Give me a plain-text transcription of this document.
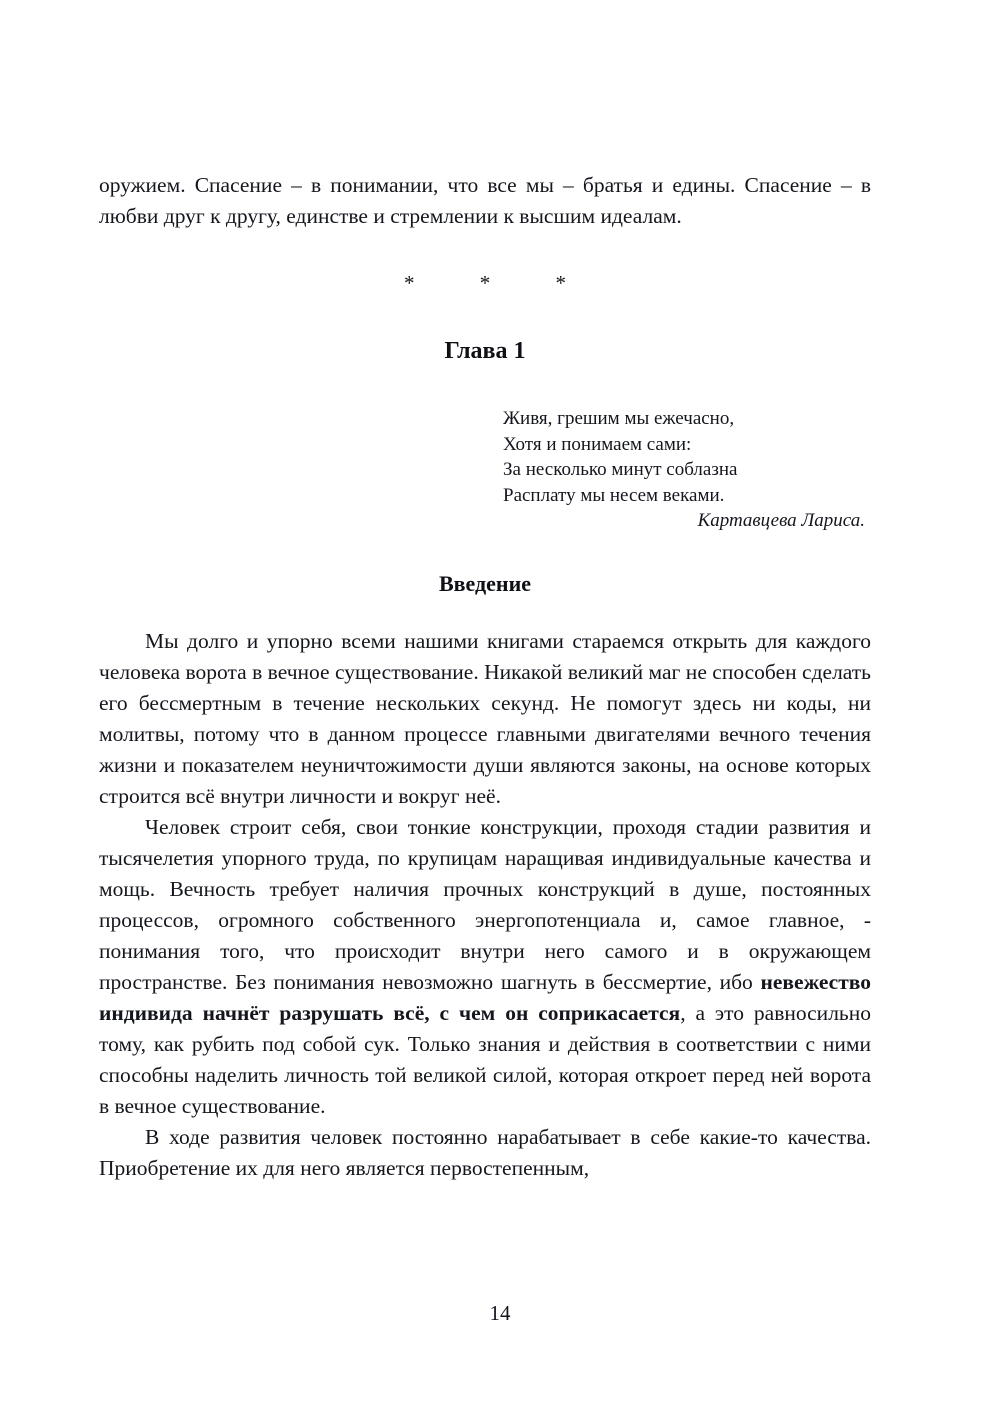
оружием. Спасение – в понимании, что все мы – братья и едины. Спасение – в любви друг к другу, единстве и стремлении к высшим идеалам.

* * *
Глава 1
Живя, грешим мы ежечасно,
Хотя и понимаем сами:
За несколько минут соблазна
Расплату мы несем веками.
Картавцева Лариса.
Введение

Мы долго и упорно всеми нашими книгами стараемся открыть для каждого человека ворота в вечное существование. Никакой великий маг не способен сделать его бессмертным в течение нескольких секунд. Не помогут здесь ни коды, ни молитвы, потому что в данном процессе главными двигателями вечного течения жизни и показателем неуничтожимости души являются законы, на основе которых строится всё внутри личности и вокруг неё.

Человек строит себя, свои тонкие конструкции, проходя стадии развития и тысячелетия упорного труда, по крупицам наращивая индивидуальные качества и мощь. Вечность требует наличия прочных конструкций в душе, постоянных процессов, огромного собственного энергопотенциала и, самое главное, - понимания того, что происходит внутри него самого и в окружающем пространстве. Без понимания невозможно шагнуть в бессмертие, ибо невежество индивида начнёт разрушать всё, с чем он соприкасается, а это равносильно тому, как рубить под собой сук. Только знания и действия в соответствии с ними способны наделить личность той великой силой, которая откроет перед ней ворота в вечное существование.

В ходе развития человек постоянно нарабатывает в себе какие-то качества. Приобретение их для него является первостепенным,

14
